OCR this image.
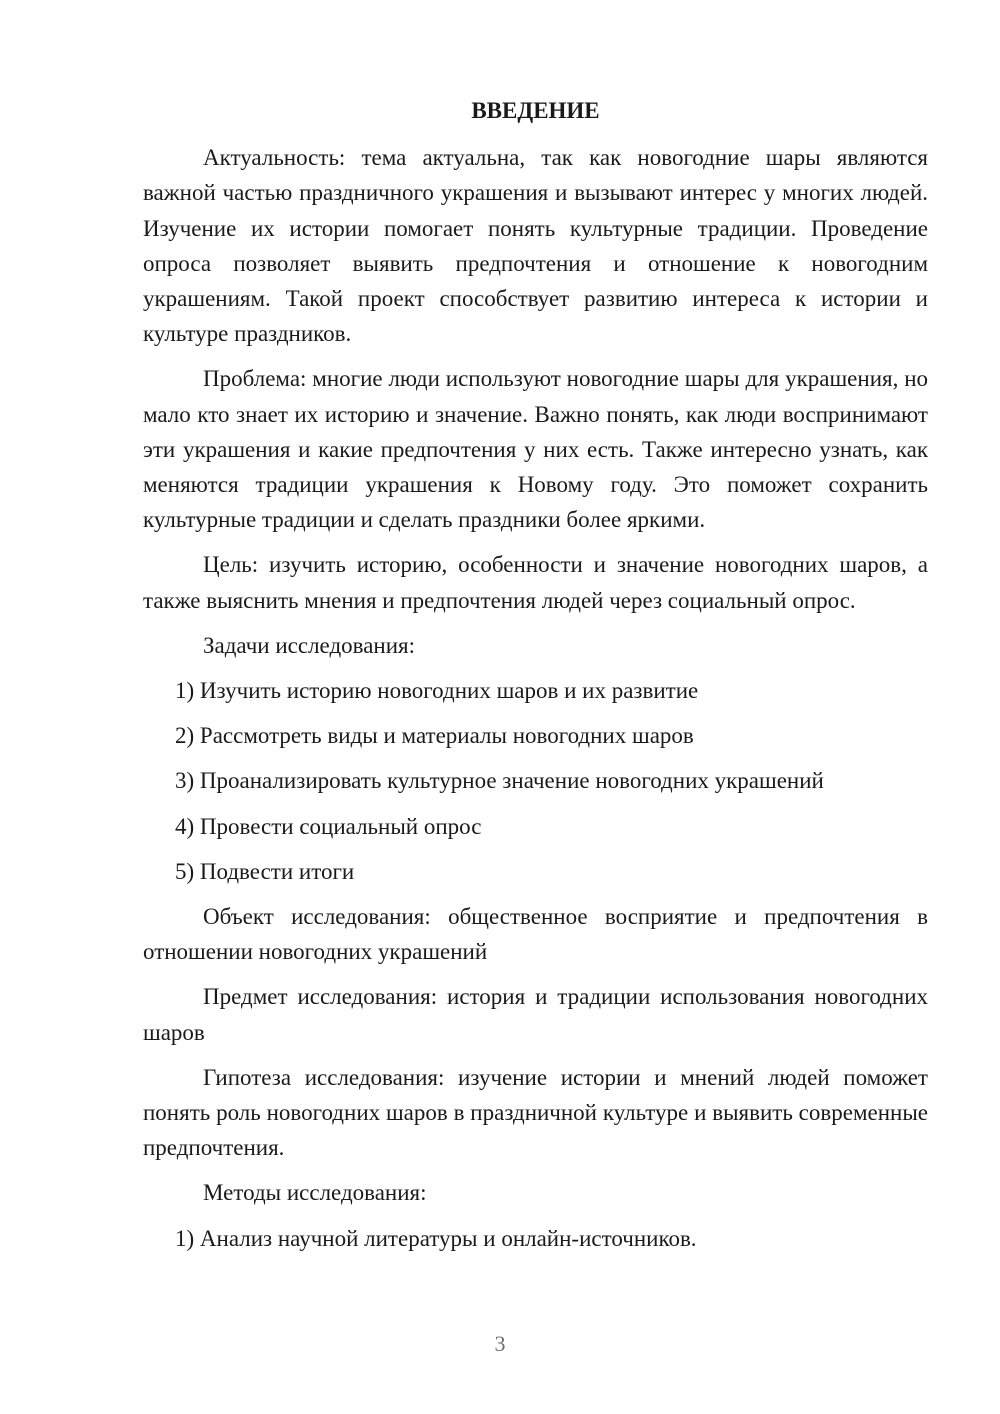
ВВЕДЕНИЕ

Актуальность: тема актуальна, так как новогодние шары являются важной частью праздничного украшения и вызывают интерес у многих людей. Изучение их истории помогает понять культурные традиции. Проведение опроса позволяет выявить предпочтения и отношение к новогодним украшениям. Такой проект способствует развитию интереса к истории и культуре праздников.

Проблема: многие люди используют новогодние шары для украшения, но мало кто знает их историю и значение. Важно понять, как люди воспринимают эти украшения и какие предпочтения у них есть. Также интересно узнать, как меняются традиции украшения к Новому году. Это поможет сохранить культурные традиции и сделать праздники более яркими.

Цель: изучить историю, особенности и значение новогодних шаров, а также выяснить мнения и предпочтения людей через социальный опрос.

Задачи исследования:

1) Изучить историю новогодних шаров и их развитие
2) Рассмотреть виды и материалы новогодних шаров
3) Проанализировать культурное значение новогодних украшений
4) Провести социальный опрос
5) Подвести итоги

Объект исследования: общественное восприятие и предпочтения в отношении новогодних украшений

Предмет исследования: история и традиции использования новогодних шаров

Гипотеза исследования: изучение истории и мнений людей поможет понять роль новогодних шаров в праздничной культуре и выявить современные предпочтения.

Методы исследования:

1) Анализ научной литературы и онлайн-источников.
3
